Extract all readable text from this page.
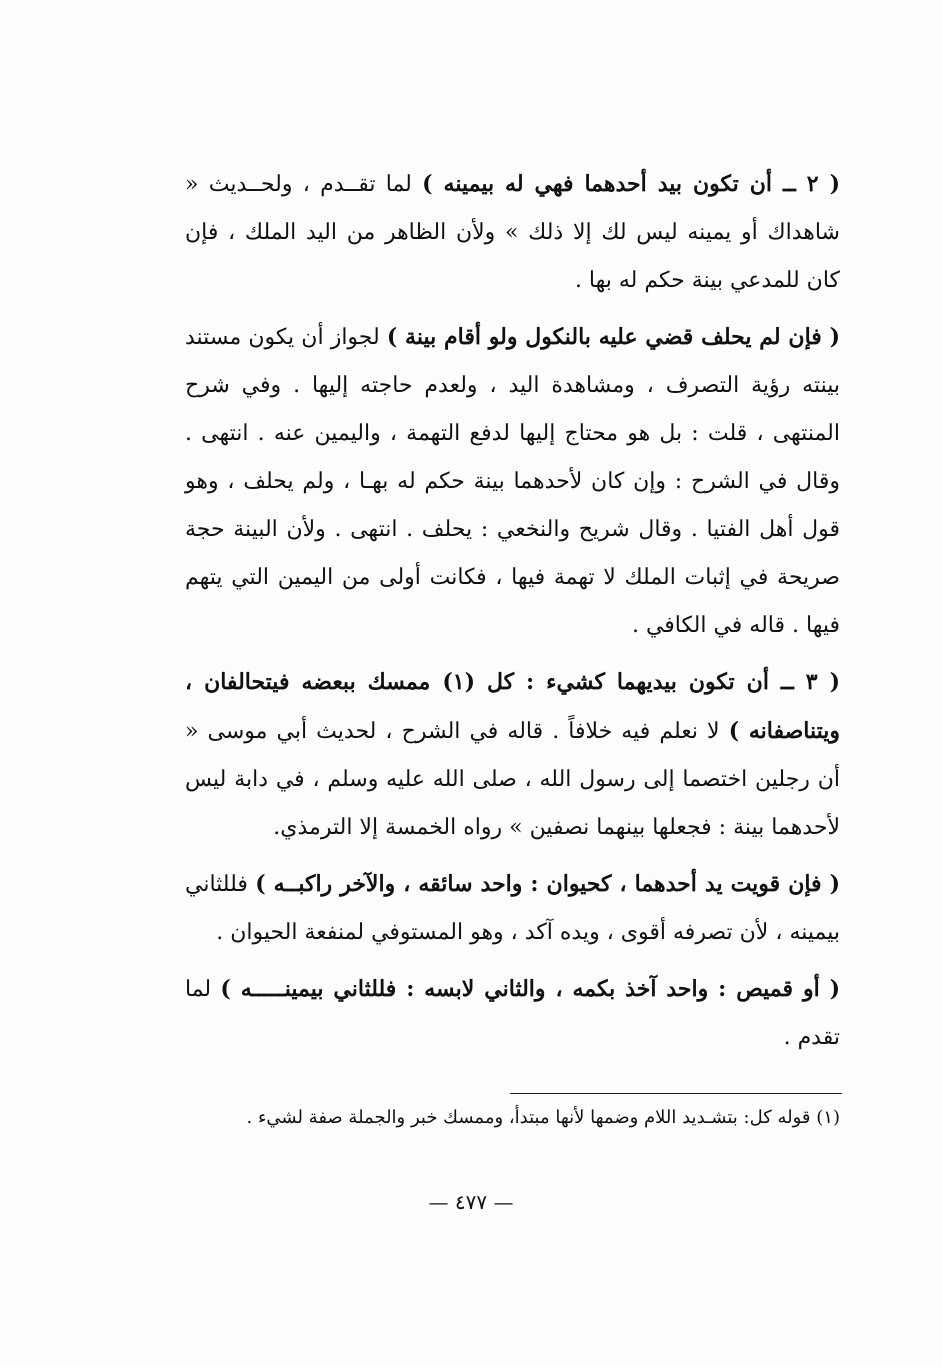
( ٢ ــ أن تكون بيد أحدهما فهي له بيمينه ) لما تقــدم ، ولحــديث « شاهداك أو يمينه ليس لك إلا ذلك » ولأن الظاهر من اليد الملك ، فإن كان للمدعي بينة حكم له بها .

( فإن لم يحلف قضي عليه بالنكول ولو أقام بينة ) لجواز أن يكون مستند بينته رؤية التصرف ، ومشاهدة اليد ، ولعدم حاجته إليها . وفي شرح المنتهى ، قلت : بل هو محتاج إليها لدفع التهمة ، واليمين عنه . انتهى . وقال في الشرح : وإن كان لأحدهما بينة حكم له بهـا ، ولم يحلف ، وهو قول أهل الفتيا . وقال شريح والنخعي : يحلف . انتهى . ولأن البينة حجة صريحة في إثبات الملك لا تهمة فيها ، فكانت أولى من اليمين التي يتهم فيها . قاله في الكافي .

( ٣ ــ أن تكون بيديهما كشيء : كل (١) ممسك ببعضه فيتحالفان ، ويتناصفانه ) لا نعلم فيه خلافاً . قاله في الشرح ، لحديث أبي موسى « أن رجلين اختصما إلى رسول الله ، صلى الله عليه وسلم ، في دابة ليس لأحدهما بينة : فجعلها بينهما نصفين » رواه الخمسة إلا الترمذي.

( فإن قويت يد أحدهما ، كحيوان : واحد سائقه ، والآخر راكبــه ) فللثاني بيمينه ، لأن تصرفه أقوى ، ويده آكد ، وهو المستوفي لمنفعة الحيوان .

( أو قميص : واحد آخذ بكمه ، والثاني لابسه : فللثاني بيمينـــــه ) لما تقدم .

(١) قوله كل: بتشـديد اللام وضمها لأنها مبتدأ، وممسك خبر والجملة صفة لشيء .
— ٤٧٧ —
